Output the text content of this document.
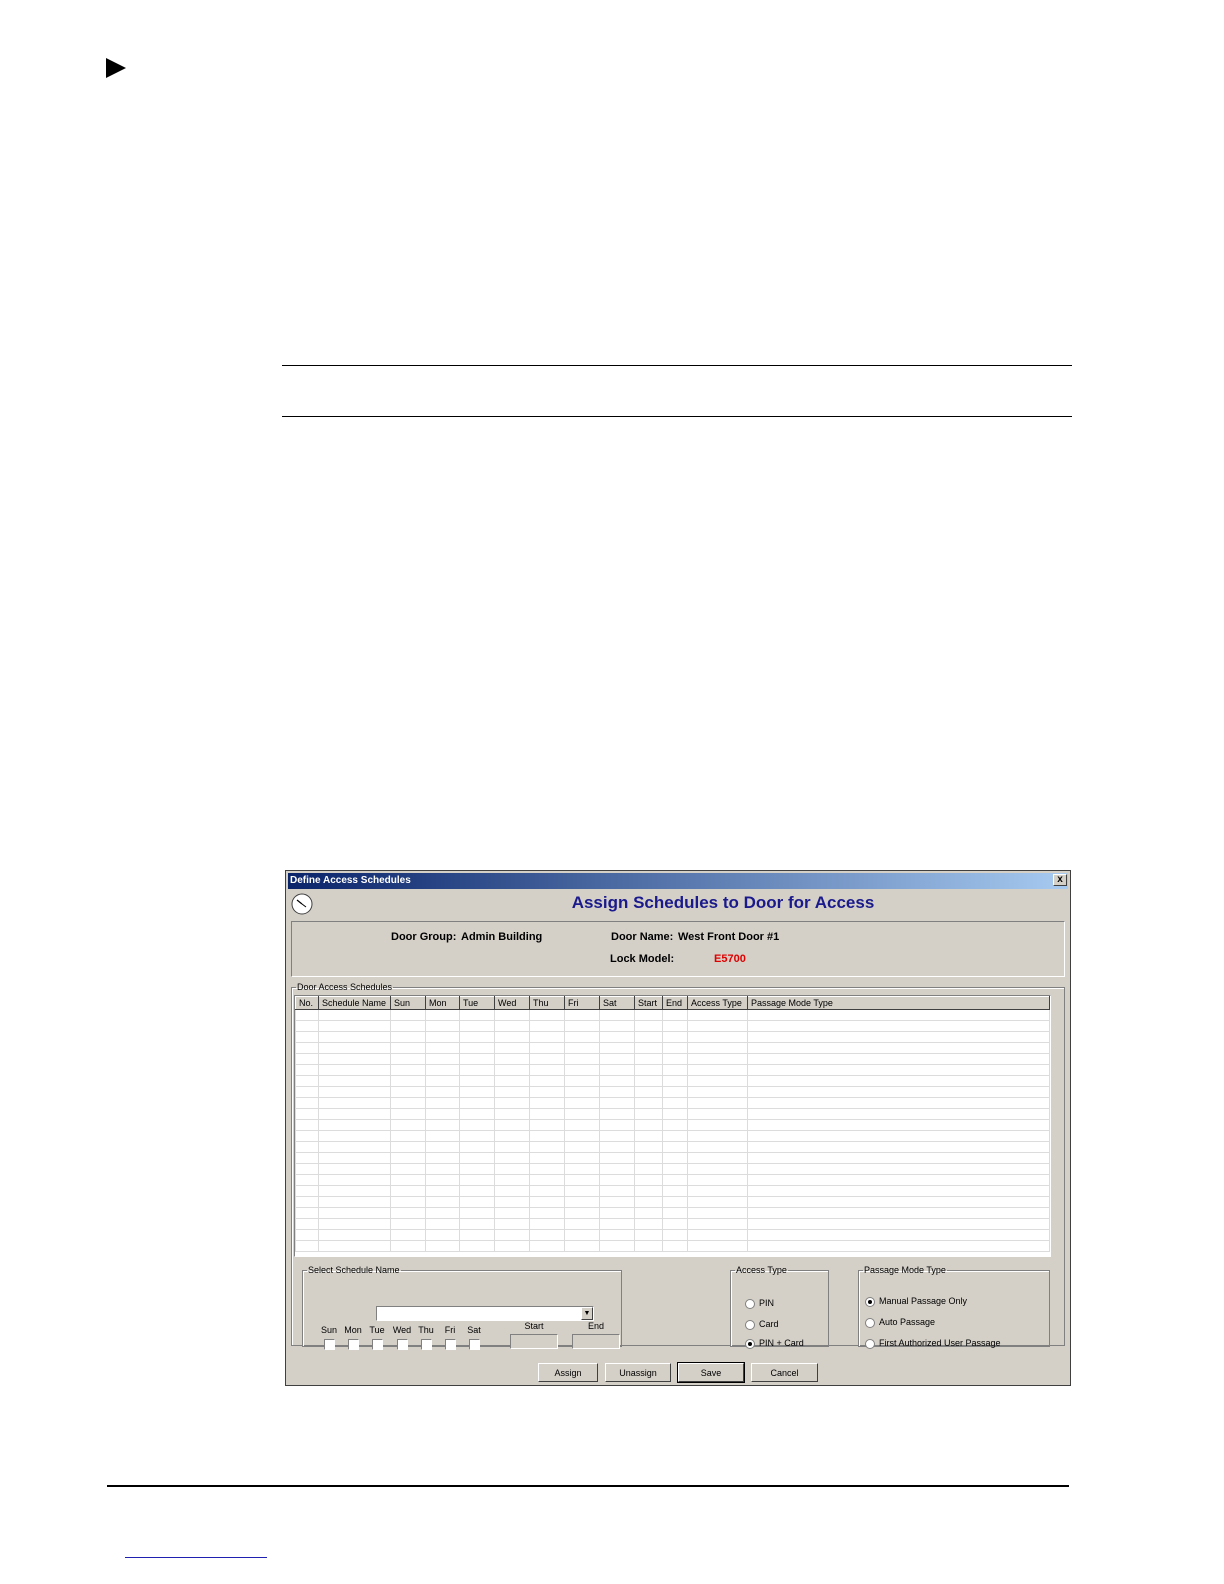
Define Access Schedules	x
Assign Schedules to Door for Access
Door Group: Admin Building	Door Name: West Front Door #1
Lock Model:	E5700
Door Access Schedules
No.	Schedule Name	Sun	Mon	Tue	Wed	Thu	Fri	Sat	Start	End	Access Type	Passage Mode Type

Select Schedule Name
▼
Sun Mon Tue Wed Thu	Fri	Sat	Start	End
Access Type
PIN
Card
PIN + Card
Passage Mode Type
Manual Passage Only
Auto Passage
First Authorized User Passage
Assign	Unassign	Save	Cancel
